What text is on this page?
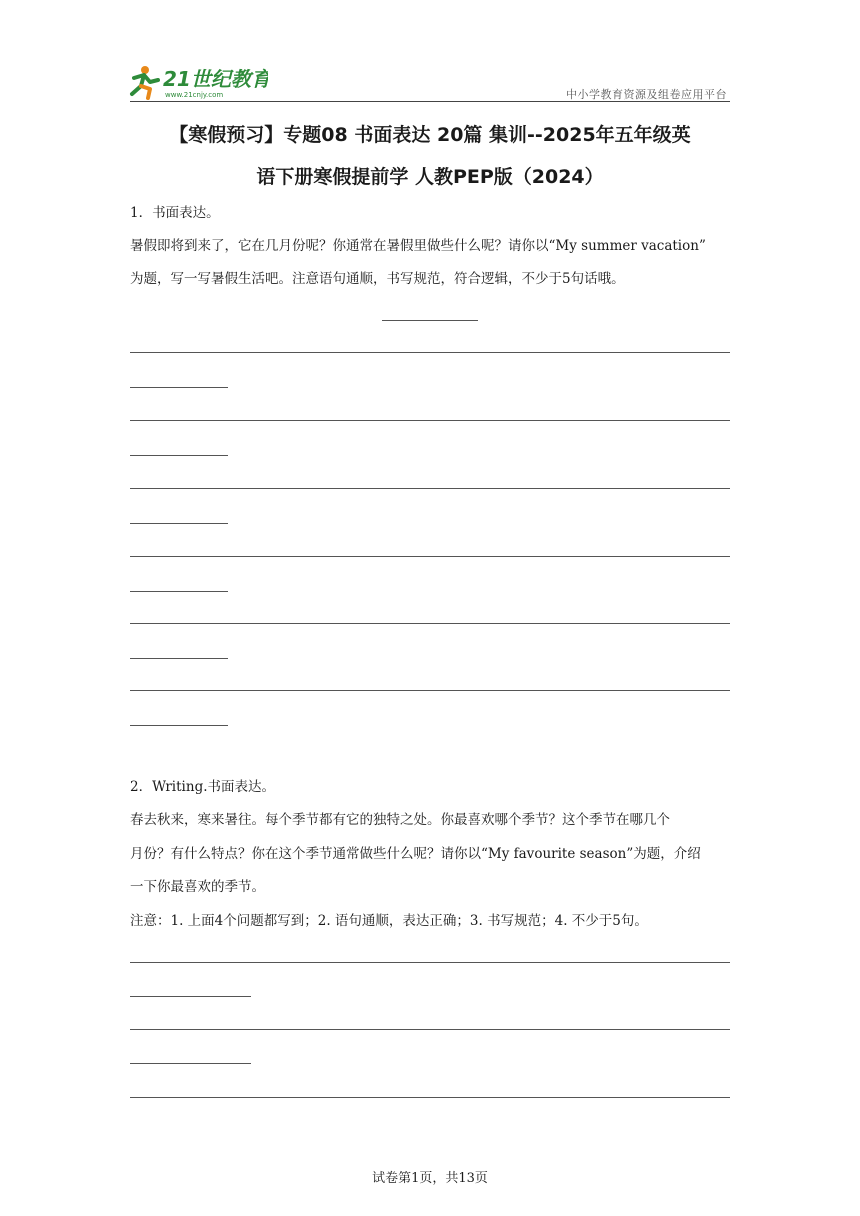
21世纪教育
www.21cnjy.com	中小学教育资源及组卷应用平台
【寒假预习】专题08 书面表达 20篇 集训--2025年五年级英
语下册寒假提前学 人教PEP版（2024）
1．书面表达。
暑假即将到来了，它在几月份呢？你通常在暑假里做些什么呢？请你以“My summer vacation”
为题，写一写暑假生活吧。注意语句通顺，书写规范，符合逻辑，不少于5句话哦。
2．Writing.书面表达。
春去秋来，寒来暑往。每个季节都有它的独特之处。你最喜欢哪个季节？这个季节在哪几个
月份？有什么特点？你在这个季节通常做些什么呢？请你以“My favourite season”为题，介绍
一下你最喜欢的季节。
注意：1. 上面4个问题都写到；2. 语句通顺，表达正确；3. 书写规范；4. 不少于5句。
试卷第1页，共13页
